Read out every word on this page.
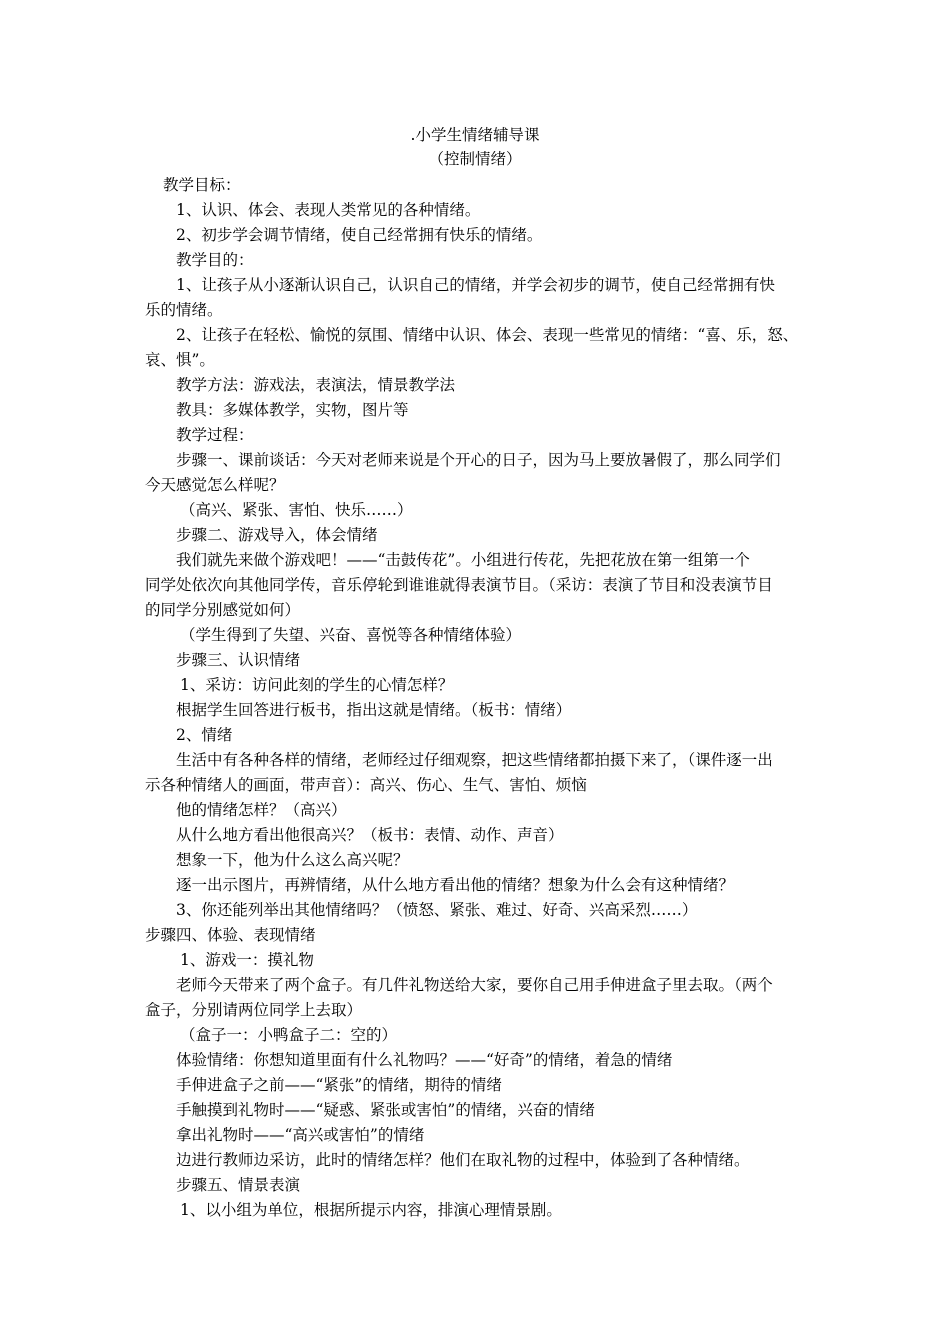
.小学生情绪辅导课
（控制情绪）
教学目标：
1、认识、体会、表现人类常见的各种情绪。
2、初步学会调节情绪，使自己经常拥有快乐的情绪。
教学目的：
1、让孩子从小逐渐认识自己，认识自己的情绪，并学会初步的调节，使自己经常拥有快
乐的情绪。
2、让孩子在轻松、愉悦的氛围、情绪中认识、体会、表现一些常见的情绪：“喜、乐，怒、
哀、惧”。
教学方法：游戏法，表演法，情景教学法
教具：多媒体教学，实物，图片等
教学过程：
步骤一、课前谈话：今天对老师来说是个开心的日子，因为马上要放暑假了，那么同学们
今天感觉怎么样呢？
（高兴、紧张、害怕、快乐……）
步骤二、游戏导入，体会情绪
我们就先来做个游戏吧！——“击鼓传花”。小组进行传花，先把花放在第一组第一个
同学处依次向其他同学传，音乐停轮到谁谁就得表演节目。（采访：表演了节目和没表演节目
的同学分别感觉如何）
（学生得到了失望、兴奋、喜悦等各种情绪体验）
步骤三、认识情绪
1、采访：访问此刻的学生的心情怎样？
根据学生回答进行板书，指出这就是情绪。（板书：情绪）
2、情绪
生活中有各种各样的情绪，老师经过仔细观察，把这些情绪都拍摄下来了，（课件逐一出
示各种情绪人的画面，带声音）：高兴、伤心、生气、害怕、烦恼
他的情绪怎样？（高兴）
从什么地方看出他很高兴？（板书：表情、动作、声音）
想象一下，他为什么这么高兴呢？
逐一出示图片，再辨情绪，从什么地方看出他的情绪？想象为什么会有这种情绪？
3、你还能列举出其他情绪吗？（愤怒、紧张、难过、好奇、兴高采烈……）
步骤四、体验、表现情绪
1、游戏一：摸礼物
老师今天带来了两个盒子。有几件礼物送给大家，要你自己用手伸进盒子里去取。（两个
盒子，分别请两位同学上去取）
（盒子一：小鸭盒子二：空的）
体验情绪：你想知道里面有什么礼物吗？——“好奇”的情绪，着急的情绪
手伸进盒子之前——“紧张”的情绪，期待的情绪
手触摸到礼物时——“疑惑、紧张或害怕”的情绪，兴奋的情绪
拿出礼物时——“高兴或害怕”的情绪
边进行教师边采访，此时的情绪怎样？他们在取礼物的过程中，体验到了各种情绪。
步骤五、情景表演
1、以小组为单位，根据所提示内容，排演心理情景剧。
